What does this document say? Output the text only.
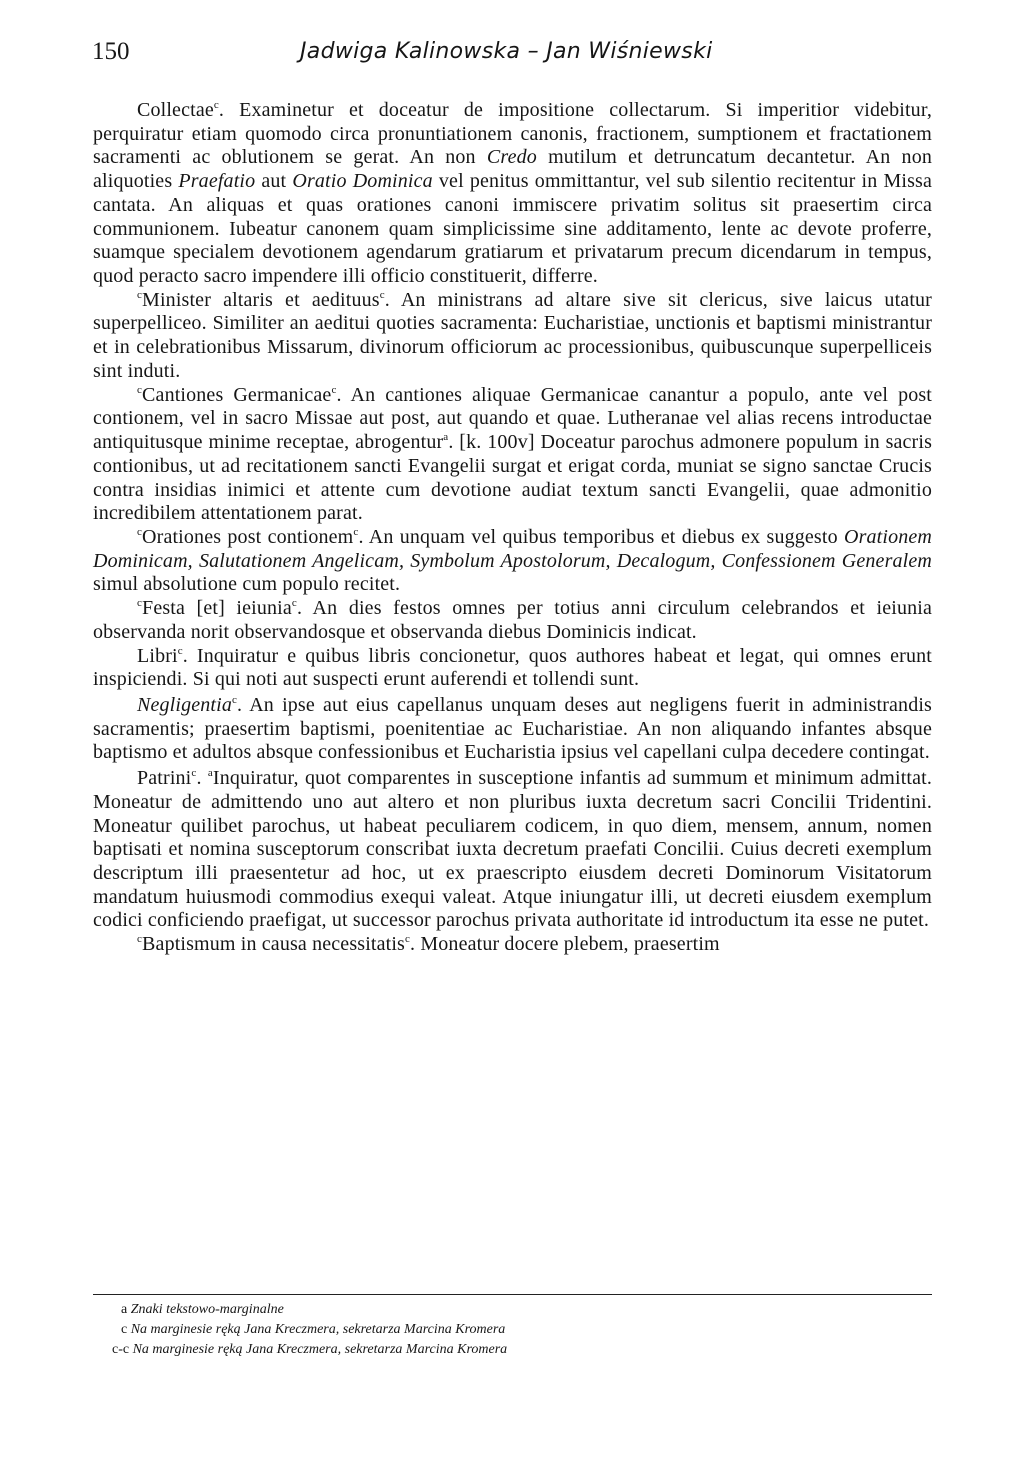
150	Jadwiga Kalinowska – Jan Wiśniewski

Collectae$^c$. Examinetur et doceatur de impositione collectarum. Si imperitior videbitur, perquiratur etiam quomodo circa pronuntiationem canonis, fractionem, sumptionem et fractationem sacramenti ac oblutionem se gerat. An non Credo mutilum et detruncatum decantetur. An non aliquoties Praefatio aut Oratio Dominica vel penitus ommittantur, vel sub silentio recitentur in Missa cantata. An aliquas et quas orationes canoni immiscere privatim solitus sit praesertim circa communionem. Iubeatur canonem quam simplicissime sine additamento, lente ac devote proferre, suamque specialem devotionem agendarum gratiarum et privatarum precum dicendarum in tempus, quod peracto sacro impendere illi officio constituerit, differre.

$^c$Minister altaris et aedituus$^c$. An ministrans ad altare sive sit clericus, sive laicus utatur superpelliceo. Similiter an aeditui quoties sacramenta: Eucharistiae, unctionis et baptismi ministrantur et in celebrationibus Missarum, divinorum officiorum ac processionibus, quibuscunque superpelliceis sint induti.

$^c$Cantiones Germanicae$^c$. An cantiones aliquae Germanicae canantur a populo, ante vel post contionem, vel in sacro Missae aut post, aut quando et quae. Lutheranae vel alias recens introductae antiquitusque minime receptae, abrogentur$^a$. [k. 100v] Doceatur parochus admonere populum in sacris contionibus, ut ad recitationem sancti Evangelii surgat et erigat corda, muniat se signo sanctae Crucis contra insidias inimici et attente cum devotione audiat textum sancti Evangelii, quae admonitio incredibilem attentationem parat.

$^c$Orationes post contionem$^c$. An unquam vel quibus temporibus et diebus ex suggesto Orationem Dominicam, Salutationem Angelicam, Symbolum Apostolorum, Decalogum, Confessionem Generalem simul absolutione cum populo recitet.

$^c$Festa [et] ieiunia$^c$. An dies festos omnes per totius anni circulum celebrandos et ieiunia observanda norit observandosque et observanda diebus Dominicis indicat.

Libri$^c$. Inquiratur e quibus libris concionetur, quos authores habeat et legat, qui omnes erunt inspiciendi. Si qui noti aut suspecti erunt auferendi et tollendi sunt.

Negligentia$^c$. An ipse aut eius capellanus unquam deses aut negligens fuerit in administrandis sacramentis; praesertim baptismi, poenitentiae ac Eucharistiae. An non aliquando infantes absque baptismo et adultos absque confessionibus et Eucharistia ipsius vel capellani culpa decedere contingat.

Patrini$^c$. $^a$Inquiratur, quot comparentes in susceptione infantis ad summum et minimum admittat. Moneatur de admittendo uno aut altero et non pluribus iuxta decretum sacri Concilii Tridentini. Moneatur quilibet parochus, ut habeat peculiarem codicem, in quo diem, mensem, annum, nomen baptisati et nomina susceptorum conscribat iuxta decretum praefati Concilii. Cuius decreti exemplum descriptum illi praesentetur ad hoc, ut ex praescripto eiusdem decreti Dominorum Visitatorum mandatum huiusmodi commodius exequi valeat. Atque iniungatur illi, ut decreti eiusdem exemplum codici conficiendo praefigat, ut successor parochus privata authoritate id introductum ita esse ne putet.

$^c$Baptismum in causa necessitatis$^c$. Moneatur docere plebem, praesertim

a Znaki tekstowo-marginalne

c Na marginesie ręką Jana Kreczmera, sekretarza Marcina Kromera

c-c Na marginesie ręką Jana Kreczmera, sekretarza Marcina Kromera
